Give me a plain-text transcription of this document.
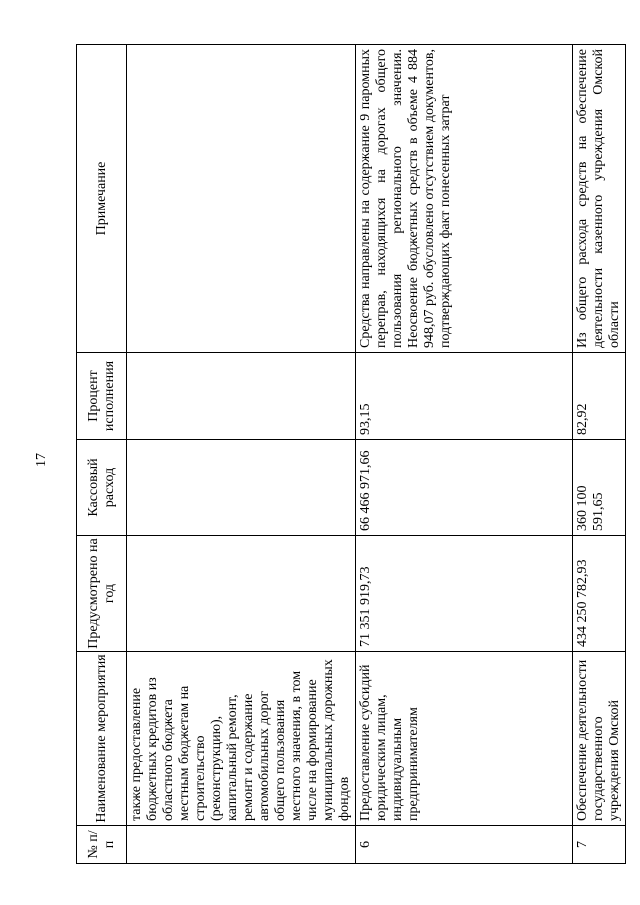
17

№ п/п	Наименование мероприятия	Предусмотрено на год	Кассовый расход	Процент исполнения	Примечание
	также предоставление бюджетных кредитов из областного бюджета местным бюджетам на строительство (реконструкцию), капитальный ремонт, ремонт и содержание автомобильных дорог общего пользования местного значения, в том числе на формирование муниципальных дорожных фондов				
6	Предоставление субсидий юридическим лицам, индивидуальным предпринимателям	71 351 919,73	66 466 971,66	93,15	Средства направлены на содержание 9 паромных переправ, находящихся на дорогах общего пользования регионального значения. Неосвоение бюджетных средств в объеме 4 884 948,07 руб. обусловлено отсутствием документов, подтверждающих факт понесенных затрат
7	Обеспечение деятельности государственного учреждения Омской	434 250 782,93	360 100 591,65	82,92	Из общего расхода средств на обеспечение деятельности казенного учреждения Омской области
